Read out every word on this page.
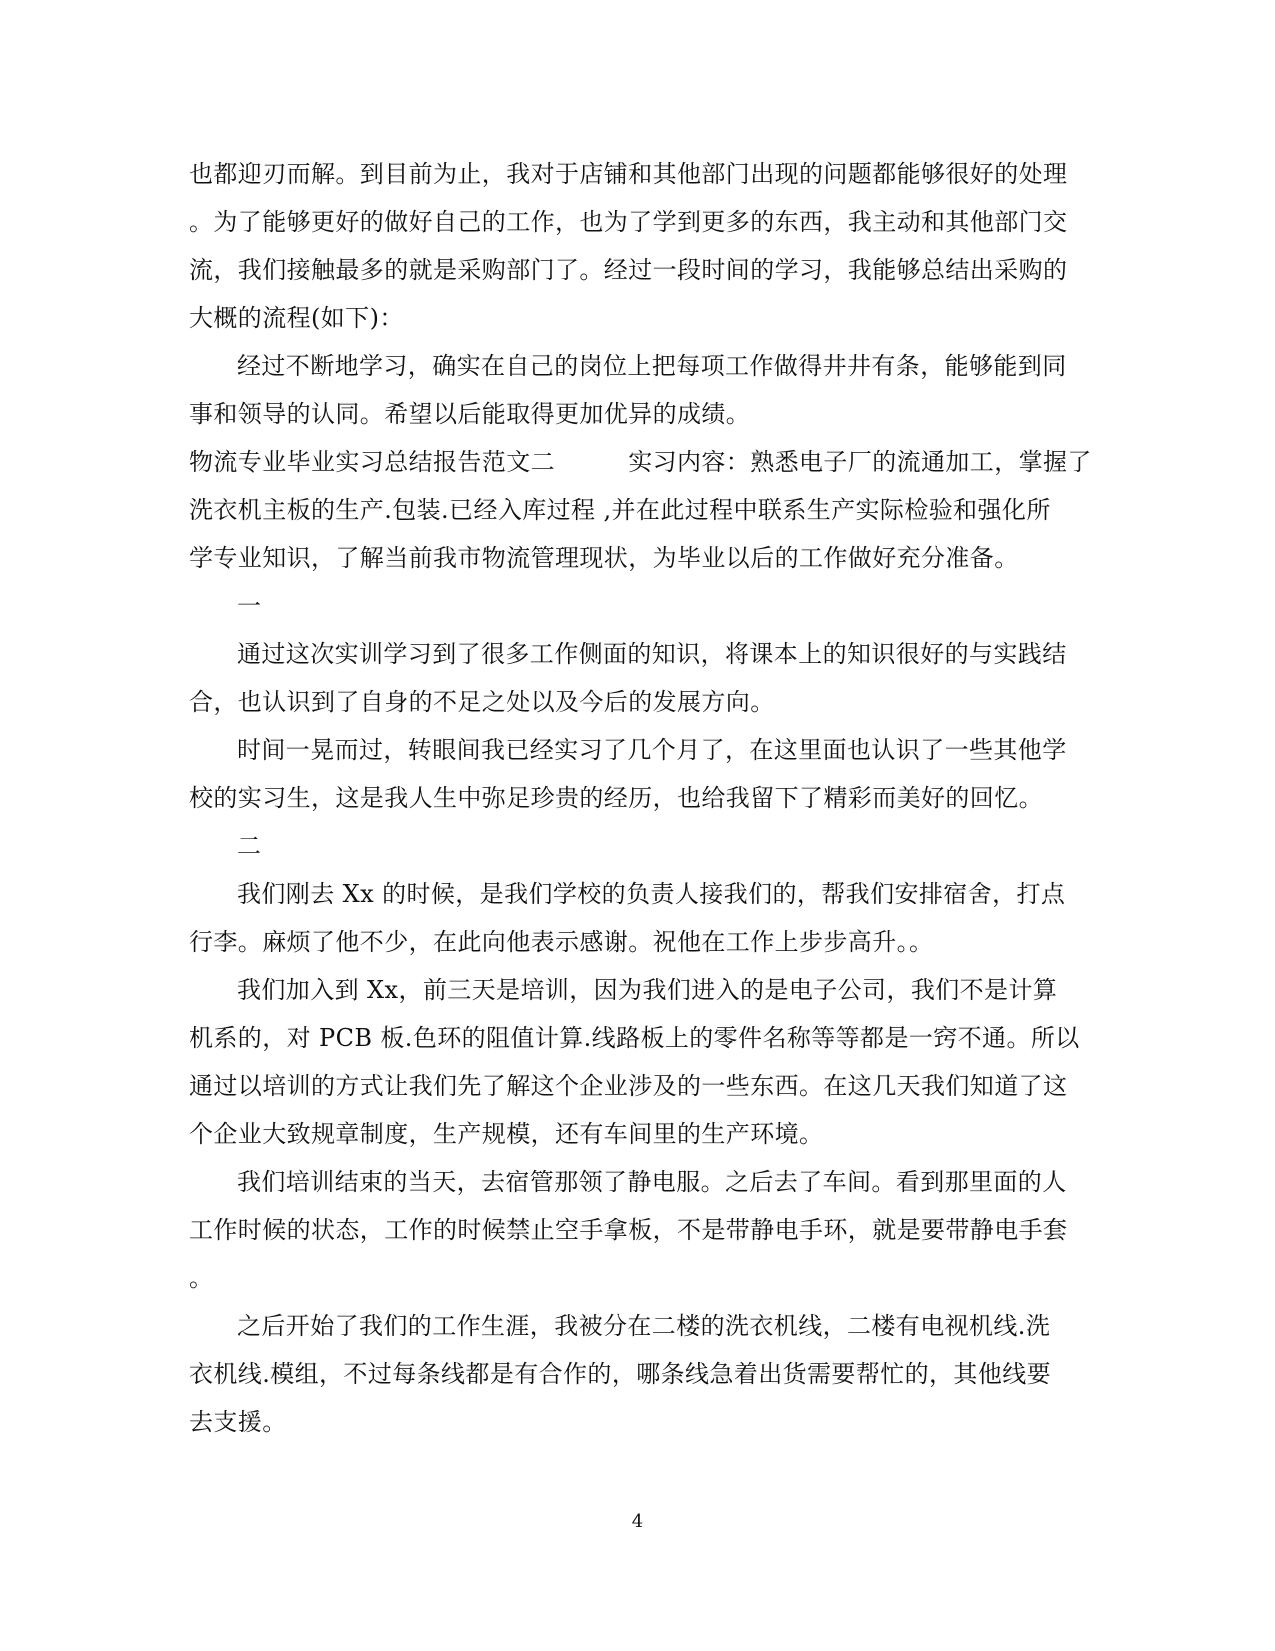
也都迎刃而解。到目前为止，我对于店铺和其他部门出现的问题都能够很好的处理
。为了能够更好的做好自己的工作，也为了学到更多的东西，我主动和其他部门交
流，我们接触最多的就是采购部门了。经过一段时间的学习，我能够总结出采购的
大概的流程(如下)：
经过不断地学习，确实在自己的岗位上把每项工作做得井井有条，能够能到同
事和领导的认同。希望以后能取得更加优异的成绩。
物流专业毕业实习总结报告范文二　　　实习内容：熟悉电子厂的流通加工，掌握了
洗衣机主板的生产.包装.已经入库过程 ,并在此过程中联系生产实际检验和强化所
学专业知识，了解当前我市物流管理现状，为毕业以后的工作做好充分准备。
一
通过这次实训学习到了很多工作侧面的知识，将课本上的知识很好的与实践结
合，也认识到了自身的不足之处以及今后的发展方向。
时间一晃而过，转眼间我已经实习了几个月了，在这里面也认识了一些其他学
校的实习生，这是我人生中弥足珍贵的经历，也给我留下了精彩而美好的回忆。
二
我们刚去 Xx 的时候，是我们学校的负责人接我们的，帮我们安排宿舍，打点
行李。麻烦了他不少，在此向他表示感谢。祝他在工作上步步高升。。
我们加入到 Xx，前三天是培训，因为我们进入的是电子公司，我们不是计算
机系的，对 PCB 板.色环的阻值计算.线路板上的零件名称等等都是一窍不通。所以
通过以培训的方式让我们先了解这个企业涉及的一些东西。在这几天我们知道了这
个企业大致规章制度，生产规模，还有车间里的生产环境。
我们培训结束的当天，去宿管那领了静电服。之后去了车间。看到那里面的人
工作时候的状态，工作的时候禁止空手拿板，不是带静电手环，就是要带静电手套
。
之后开始了我们的工作生涯，我被分在二楼的洗衣机线，二楼有电视机线.洗
衣机线.模组，不过每条线都是有合作的，哪条线急着出货需要帮忙的，其他线要
去支援。
4
